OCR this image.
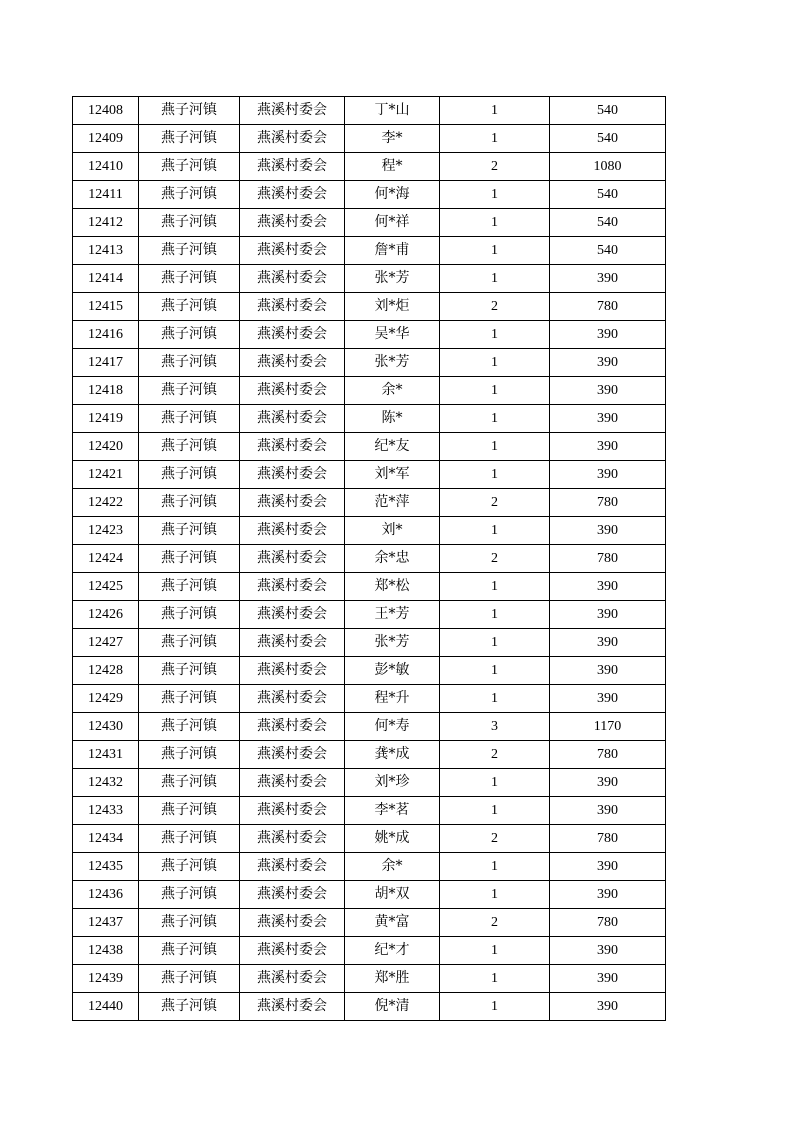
12408	燕子河镇	燕溪村委会	丁*山	1	540
12409	燕子河镇	燕溪村委会	李*	1	540
12410	燕子河镇	燕溪村委会	程*	2	1080
12411	燕子河镇	燕溪村委会	何*海	1	540
12412	燕子河镇	燕溪村委会	何*祥	1	540
12413	燕子河镇	燕溪村委会	詹*甫	1	540
12414	燕子河镇	燕溪村委会	张*芳	1	390
12415	燕子河镇	燕溪村委会	刘*炬	2	780
12416	燕子河镇	燕溪村委会	吴*华	1	390
12417	燕子河镇	燕溪村委会	张*芳	1	390
12418	燕子河镇	燕溪村委会	余*	1	390
12419	燕子河镇	燕溪村委会	陈*	1	390
12420	燕子河镇	燕溪村委会	纪*友	1	390
12421	燕子河镇	燕溪村委会	刘*军	1	390
12422	燕子河镇	燕溪村委会	范*萍	2	780
12423	燕子河镇	燕溪村委会	刘*	1	390
12424	燕子河镇	燕溪村委会	余*忠	2	780
12425	燕子河镇	燕溪村委会	郑*松	1	390
12426	燕子河镇	燕溪村委会	王*芳	1	390
12427	燕子河镇	燕溪村委会	张*芳	1	390
12428	燕子河镇	燕溪村委会	彭*敏	1	390
12429	燕子河镇	燕溪村委会	程*升	1	390
12430	燕子河镇	燕溪村委会	何*寿	3	1170
12431	燕子河镇	燕溪村委会	龚*成	2	780
12432	燕子河镇	燕溪村委会	刘*珍	1	390
12433	燕子河镇	燕溪村委会	李*茗	1	390
12434	燕子河镇	燕溪村委会	姚*成	2	780
12435	燕子河镇	燕溪村委会	余*	1	390
12436	燕子河镇	燕溪村委会	胡*双	1	390
12437	燕子河镇	燕溪村委会	黄*富	2	780
12438	燕子河镇	燕溪村委会	纪*才	1	390
12439	燕子河镇	燕溪村委会	郑*胜	1	390
12440	燕子河镇	燕溪村委会	倪*清	1	390
